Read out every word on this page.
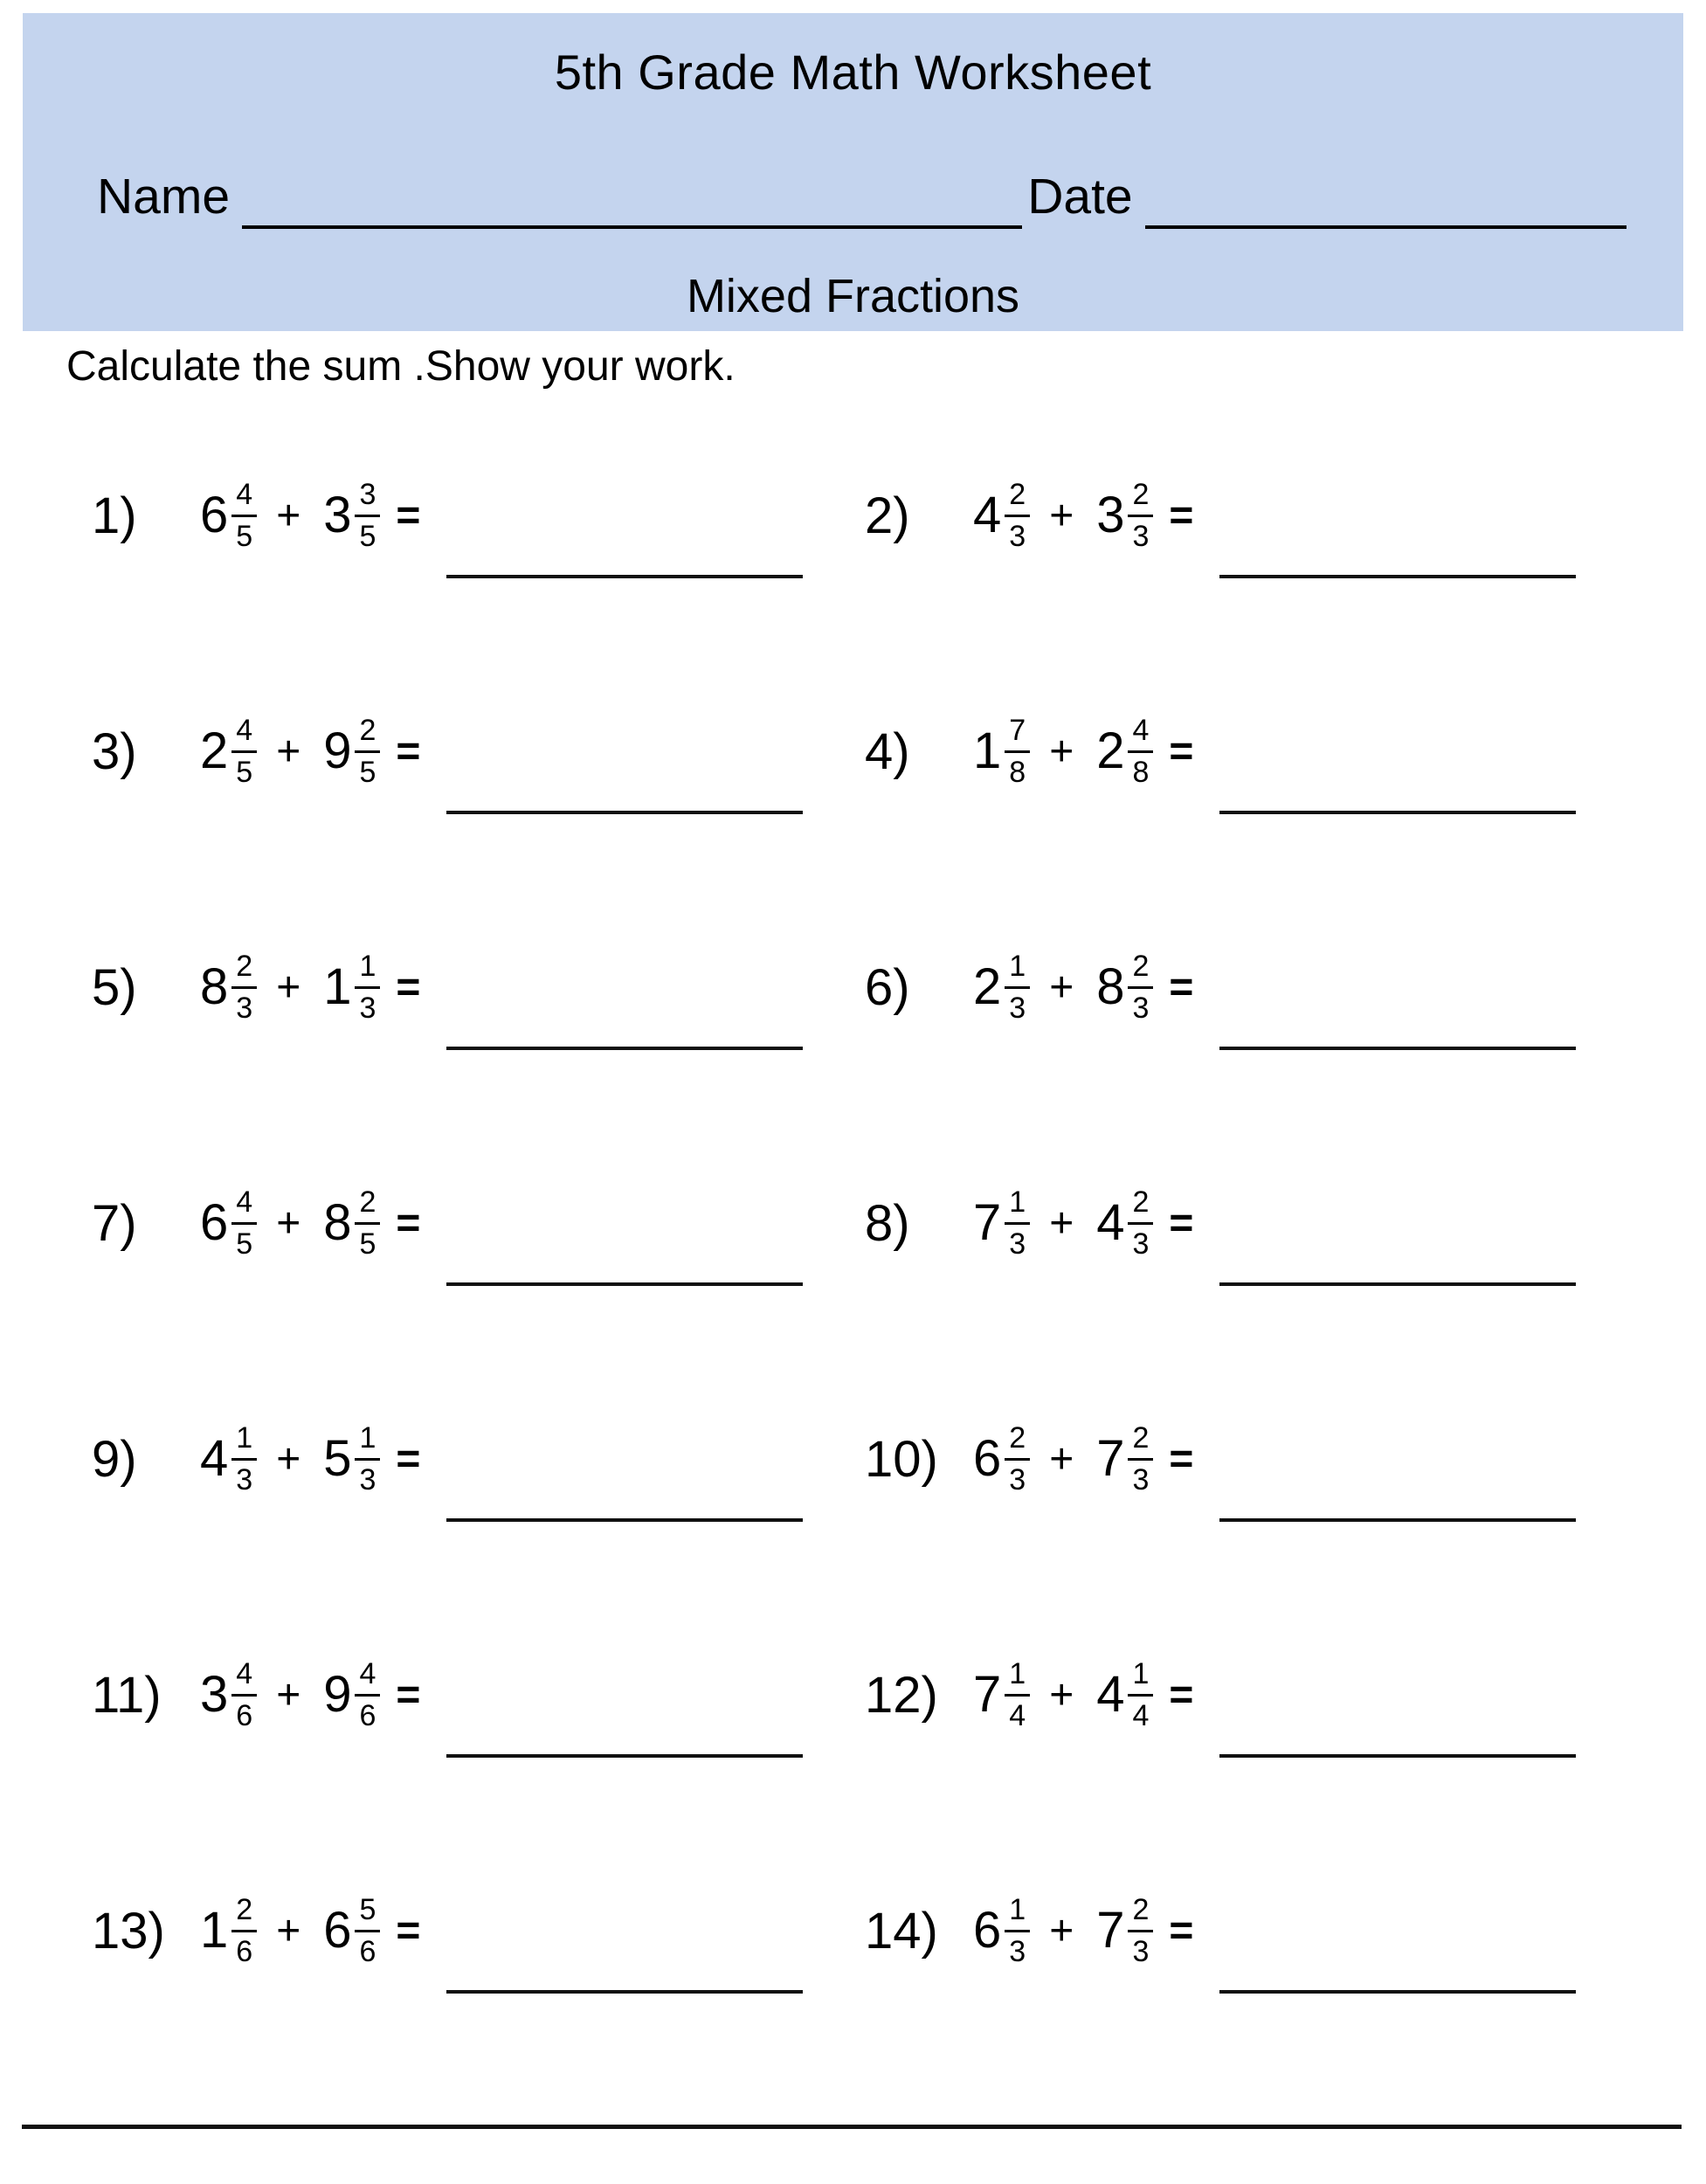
5th Grade Math Worksheet
Name	Date
Mixed Fractions
Calculate the sum .Show your work.
1)	$6 \frac{4}{5} + 3 \frac{3}{5}$ =	2)	$4 \frac{2}{3} + 3 \frac{2}{3}$ =
3)	$2 \frac{4}{5} + 9 \frac{2}{5}$ =	4)	$1 \frac{7}{8} + 2 \frac{4}{8}$ =
5)	$8 \frac{2}{3} + 1 \frac{1}{3}$ =	6)	$2 \frac{1}{3} + 8 \frac{2}{3}$ =
7)	$6 \frac{4}{5} + 8 \frac{2}{5}$ =	8)	$7 \frac{1}{3} + 4 \frac{2}{3}$ =
9)	$4 \frac{1}{3} + 5 \frac{1}{3}$ =	10) $6 \frac{2}{3} + 7 \frac{2}{3}$ =
11) $3 \frac{4}{6} + 9 \frac{4}{6}$ =	12) $7 \frac{1}{4} + 4 \frac{1}{4}$ =
13) $1 \frac{2}{6} + 6 \frac{5}{6}$ =	14) $6 \frac{1}{3} + 7 \frac{2}{3}$ =
